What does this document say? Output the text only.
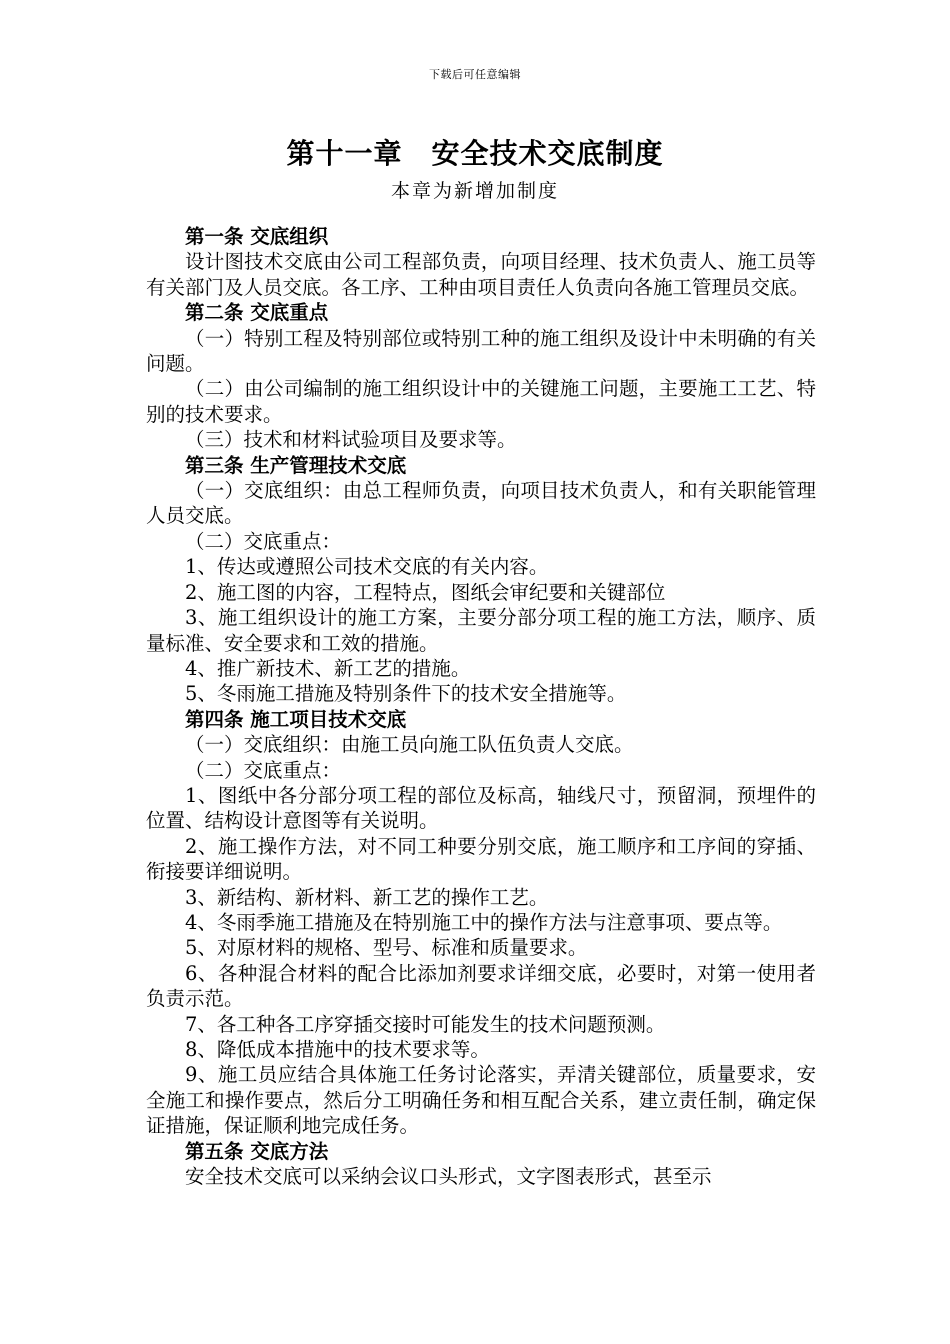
下载后可任意编辑
第十一章　安全技术交底制度
本章为新增加制度

第一条 交底组织

设计图技术交底由公司工程部负责，向项目经理、技术负责人、施工员等有关部门及人员交底。各工序、工种由项目责任人负责向各施工管理员交底。

第二条 交底重点

（一）特别工程及特别部位或特别工种的施工组织及设计中未明确的有关问题。

（二）由公司编制的施工组织设计中的关键施工问题，主要施工工艺、特别的技术要求。

（三）技术和材料试验项目及要求等。

第三条 生产管理技术交底

（一）交底组织：由总工程师负责，向项目技术负责人，和有关职能管理人员交底。

（二）交底重点：

1、传达或遵照公司技术交底的有关内容。

2、施工图的内容，工程特点，图纸会审纪要和关键部位

3、施工组织设计的施工方案，主要分部分项工程的施工方法，顺序、质量标准、安全要求和工效的措施。

4、推广新技术、新工艺的措施。

5、冬雨施工措施及特别条件下的技术安全措施等。

第四条 施工项目技术交底

（一）交底组织：由施工员向施工队伍负责人交底。

（二）交底重点：

1、图纸中各分部分项工程的部位及标高，轴线尺寸，预留洞，预埋件的位置、结构设计意图等有关说明。

2、施工操作方法，对不同工种要分别交底，施工顺序和工序间的穿插、衔接要详细说明。

3、新结构、新材料、新工艺的操作工艺。

4、冬雨季施工措施及在特别施工中的操作方法与注意事项、要点等。

5、对原材料的规格、型号、标准和质量要求。

6、各种混合材料的配合比添加剂要求详细交底，必要时，对第一使用者负责示范。

7、各工种各工序穿插交接时可能发生的技术问题预测。

8、降低成本措施中的技术要求等。

9、施工员应结合具体施工任务讨论落实，弄清关键部位，质量要求，安全施工和操作要点，然后分工明确任务和相互配合关系，建立责任制，确定保证措施，保证顺利地完成任务。

第五条 交底方法

安全技术交底可以采纳会议口头形式，文字图表形式，甚至示
